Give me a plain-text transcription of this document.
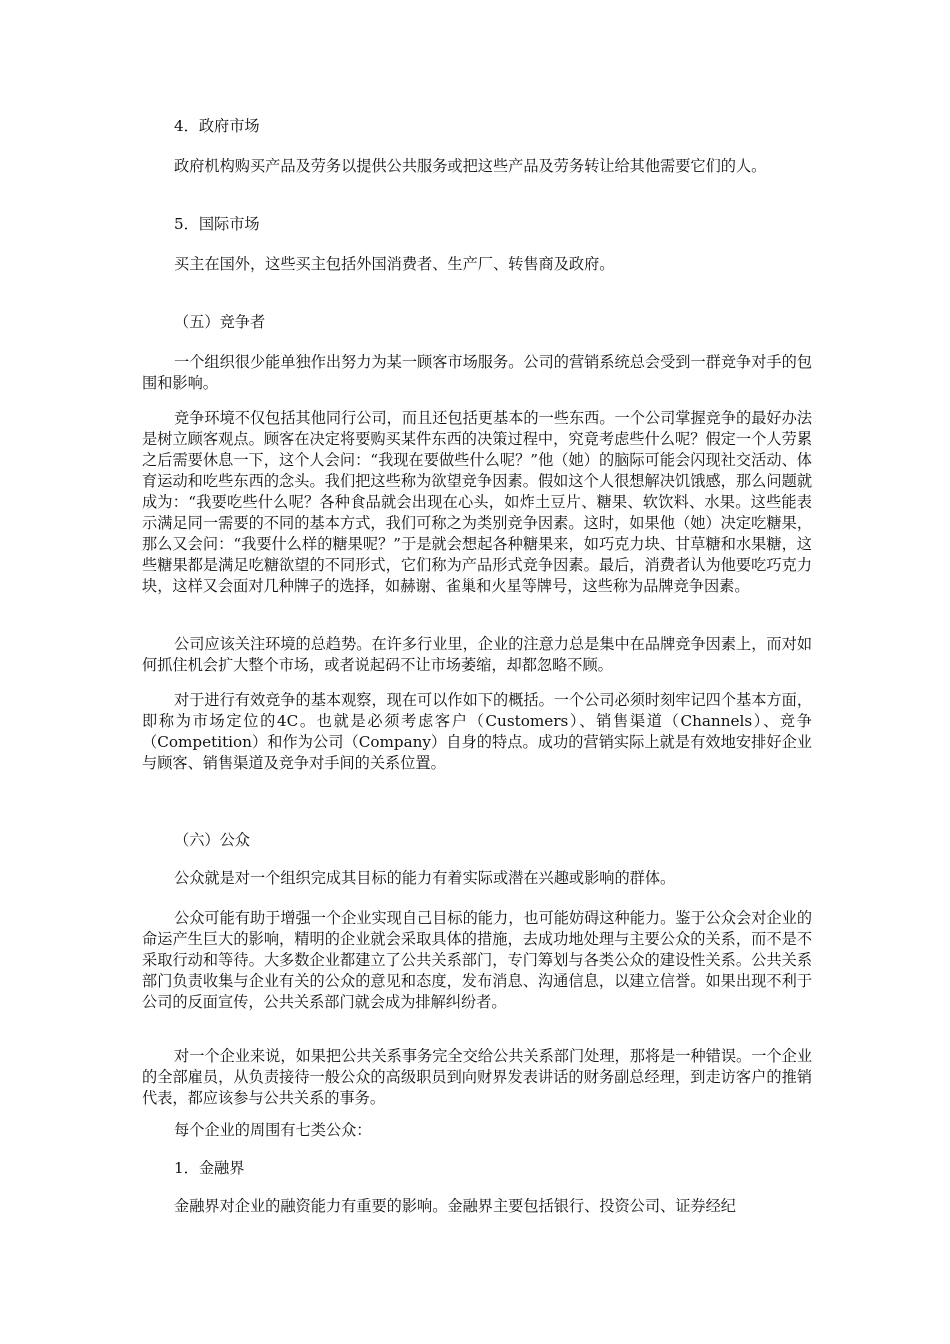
4．政府市场

政府机构购买产品及劳务以提供公共服务或把这些产品及劳务转让给其他需要它们的人。

5．国际市场

买主在国外，这些买主包括外国消费者、生产厂、转售商及政府。

（五）竞争者

一个组织很少能单独作出努力为某一顾客市场服务。公司的营销系统总会受到一群竞争对手的包围和影响。

竞争环境不仅包括其他同行公司，而且还包括更基本的一些东西。一个公司掌握竞争的最好办法是树立顾客观点。顾客在决定将要购买某件东西的决策过程中，究竟考虑些什么呢？假定一个人劳累之后需要休息一下，这个人会问：“我现在要做些什么呢？”他（她）的脑际可能会闪现社交活动、体育运动和吃些东西的念头。我们把这些称为欲望竞争因素。假如这个人很想解决饥饿感，那么问题就成为：“我要吃些什么呢？各种食品就会出现在心头，如炸土豆片、糖果、软饮料、水果。这些能表示满足同一需要的不同的基本方式，我们可称之为类别竞争因素。这时，如果他（她）决定吃糖果，那么又会问：“我要什么样的糖果呢？”于是就会想起各种糖果来，如巧克力块、甘草糖和水果糖，这些糖果都是满足吃糖欲望的不同形式，它们称为产品形式竞争因素。最后，消费者认为他要吃巧克力块，这样又会面对几种牌子的选择，如赫谢、雀巢和火星等牌号，这些称为品牌竞争因素。

公司应该关注环境的总趋势。在许多行业里，企业的注意力总是集中在品牌竞争因素上，而对如何抓住机会扩大整个市场，或者说起码不让市场萎缩，却都忽略不顾。

对于进行有效竞争的基本观察，现在可以作如下的概括。一个公司必须时刻牢记四个基本方面，即称为市场定位的4C。也就是必须考虑客户（Customers）、销售渠道（Channels）、竞争（Competition）和作为公司（Company）自身的特点。成功的营销实际上就是有效地安排好企业与顾客、销售渠道及竞争对手间的关系位置。

（六）公众

公众就是对一个组织完成其目标的能力有着实际或潜在兴趣或影响的群体。

公众可能有助于增强一个企业实现自己目标的能力，也可能妨碍这种能力。鉴于公众会对企业的命运产生巨大的影响，精明的企业就会采取具体的措施，去成功地处理与主要公众的关系，而不是不采取行动和等待。大多数企业都建立了公共关系部门，专门筹划与各类公众的建设性关系。公共关系部门负责收集与企业有关的公众的意见和态度，发布消息、沟通信息，以建立信誉。如果出现不利于公司的反面宣传，公共关系部门就会成为排解纠纷者。

对一个企业来说，如果把公共关系事务完全交给公共关系部门处理，那将是一种错误。一个企业的全部雇员，从负责接待一般公众的高级职员到向财界发表讲话的财务副总经理，到走访客户的推销代表，都应该参与公共关系的事务。

每个企业的周围有七类公众：

1．金融界

金融界对企业的融资能力有重要的影响。金融界主要包括银行、投资公司、证券经纪
